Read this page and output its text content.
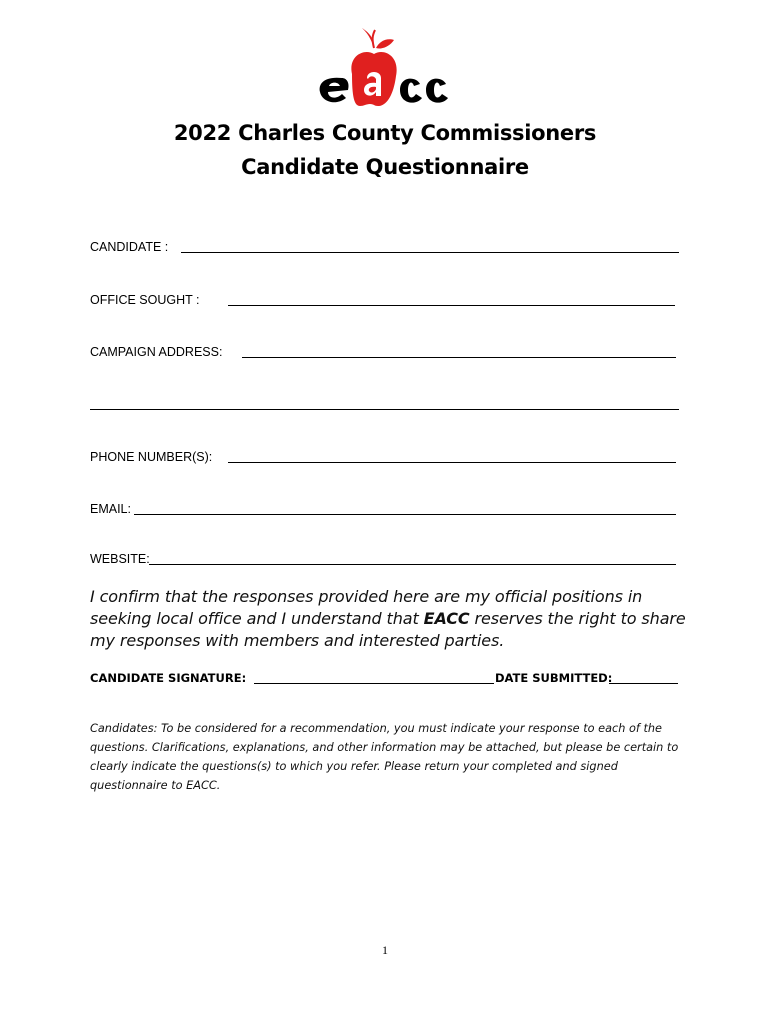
2022 Charles County Commissioners
Candidate Questionnaire
CANDIDATE :
OFFICE SOUGHT :
CAMPAIGN ADDRESS:
PHONE NUMBER(S):
EMAIL:
WEBSITE:
I confirm that the responses provided here are my official positions in seeking local office and I understand that EACC reserves the right to share my responses with members and interested parties.
CANDIDATE SIGNATURE:	DATE SUBMITTED:
Candidates: To be considered for a recommendation, you must indicate your response to each of the questions. Clarifications, explanations, and other information may be attached, but please be certain to clearly indicate the questions(s) to which you refer. Please return your completed and signed questionnaire to EACC.
1
